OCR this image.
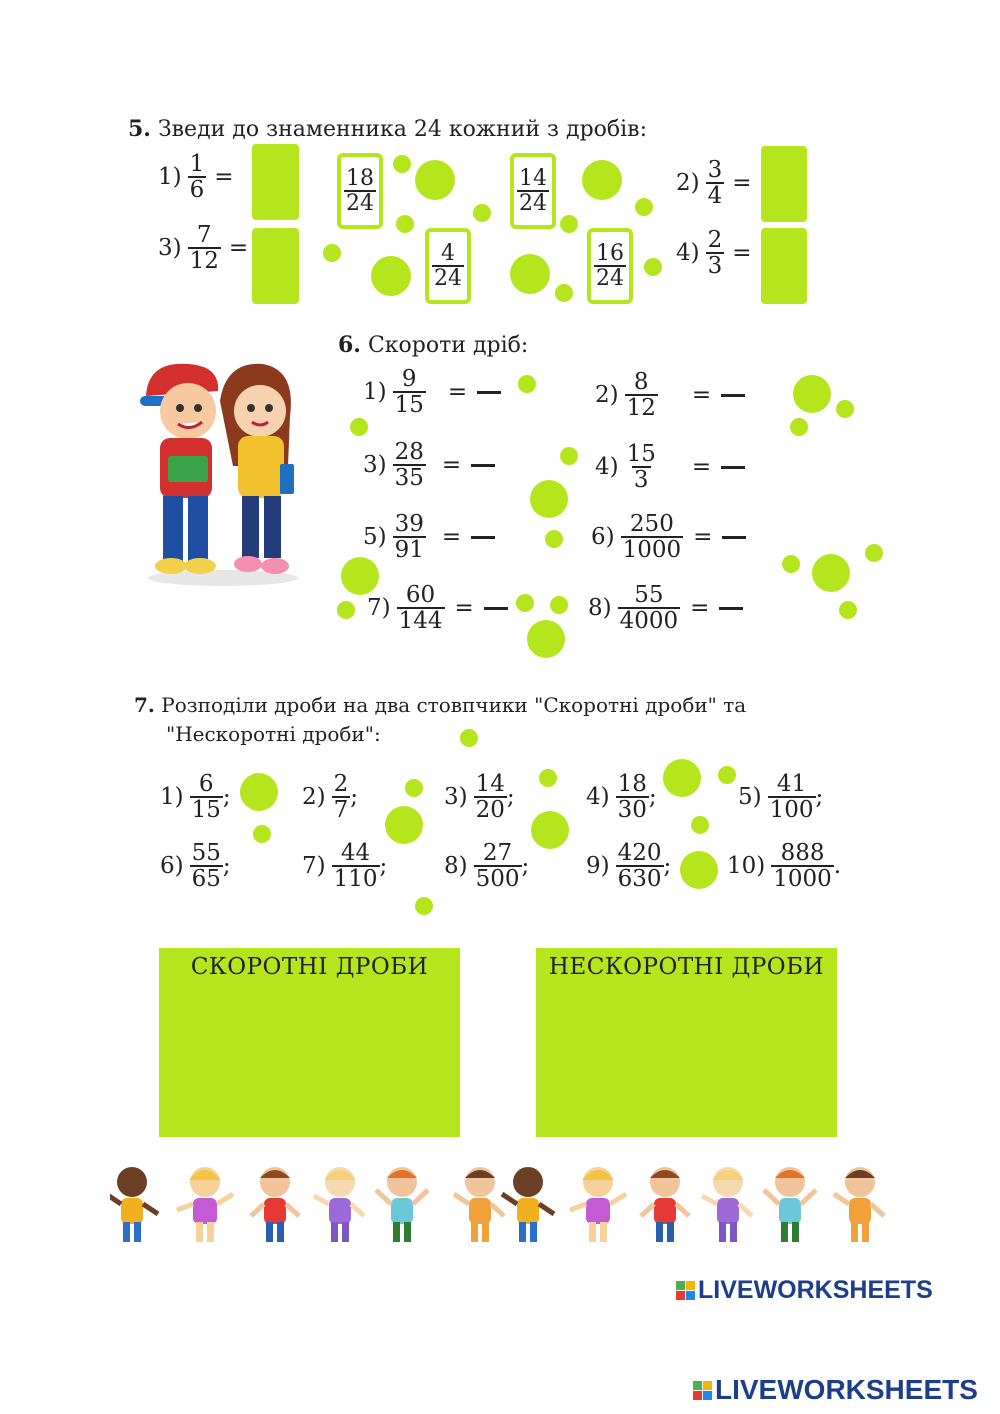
5. Зведи до знаменника 24 кожний з дробів:
$1) \frac{1}{6}$ =	$2) \frac{3}{4}$ =
$3) \frac{7}{12}$ =	$4) \frac{2}{3}$ =
$\frac{18}{24}$	$\frac{14}{24}$
$\frac{4}{24}$	$\frac{16}{24}$
6. Скороти дріб:
$1) \frac{9}{15}$ =	$2) \frac{8}{12}$ =
$3) \frac{28}{35}$ =	$4) \frac{15}{3}$ =
$5) \frac{39}{91}$ =	$6) \frac{250}{1000}$ =
$7) \frac{60}{144}$ =	$8) \frac{55}{4000}$ =
7. Розподіли дроби на два стовпчики "Скоротні дроби" та
"Нескоротні дроби":
$1) \frac{6}{15}$ ;	$2) \frac{2}{7}$ ;	$3) \frac{14}{20}$ ;	$4) \frac{18}{30}$ ;	$5) \frac{41}{100}$ ;
$6) \frac{55}{65}$ ;	$7) \frac{44}{110}$ ; $8) \frac{27}{500}$ ; $9) \frac{420}{630}$ ; $10) \frac{888}{1000}$ .
СКОРОТНІ ДРОБИ	НЕСКОРОТНІ ДРОБИ
LIVEWORKSHEETS
LIVEWORKSHEETS
